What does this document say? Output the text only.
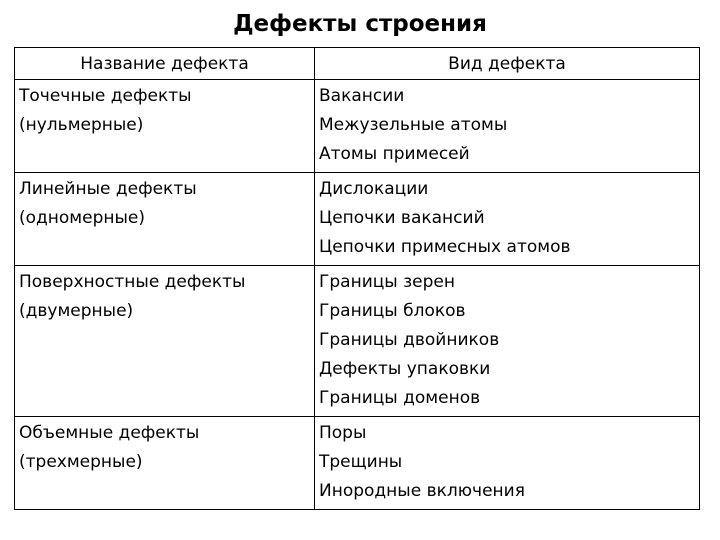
Дефекты строения
Название дефекта	Вид дефекта

Точечные дефекты
(нульмерные)	Вакансии
Межузельные атомы
Атомы примесей

Линейные дефекты
(одномерные)	Дислокации
Цепочки вакансий
Цепочки примесных атомов

Поверхностные дефекты
(двумерные)	Границы зерен
Границы блоков
Границы двойников
Дефекты упаковки
Границы доменов

Объемные дефекты
(трехмерные)	Поры
Трещины
Инородные включения
